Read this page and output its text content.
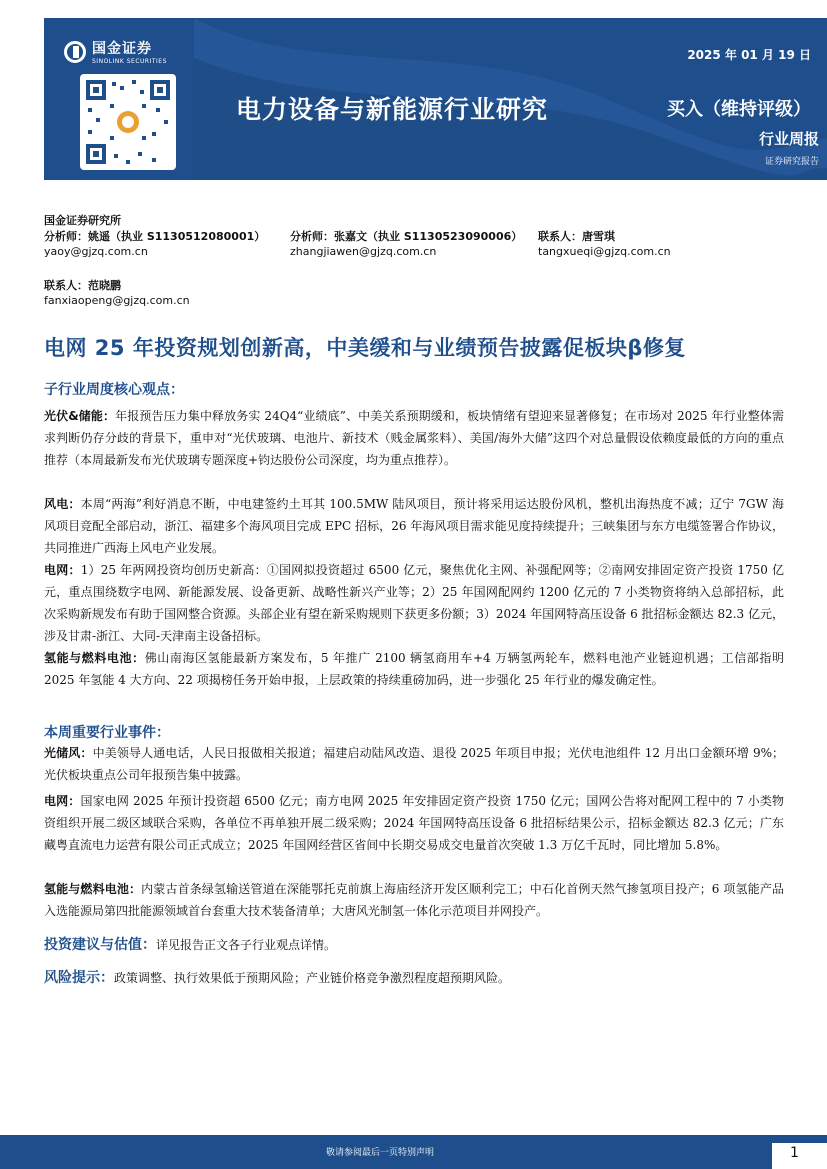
国金证券
SINOLINK SECURITIES
电力设备与新能源行业研究
2025 年 01 月 19 日
买入（维持评级）
行业周报
证券研究报告
国金证券研究所
分析师：姚遥（执业 S1130512080001）
yaoy@gjzq.com.cn
分析师：张嘉文（执业 S1130523090006）
zhangjiawen@gjzq.com.cn
联系人：唐雪琪
tangxueqi@gjzq.com.cn
联系人：范晓鹏
fanxiaopeng@gjzq.com.cn
电网 25 年投资规划创新高，中美缓和与业绩预告披露促板块β修复
子行业周度核心观点：
光伏&储能：年报预告压力集中释放务实 24Q4“业绩底”、中美关系预期缓和，板块情绪有望迎来显著修复；在市场对 2025 年行业整体需求判断仍存分歧的背景下，重申对“光伏玻璃、电池片、新技术（贱金属浆料）、美国/海外大储”这四个对总量假设依赖度最低的方向的重点推荐（本周最新发布光伏玻璃专题深度+钧达股份公司深度，均为重点推荐）。
风电：本周“两海”利好消息不断，中电建签约土耳其 100.5MW 陆风项目，预计将采用运达股份风机，整机出海热度不减；辽宁 7GW 海风项目竞配全部启动，浙江、福建多个海风项目完成 EPC 招标，26 年海风项目需求能见度持续提升；三峡集团与东方电缆签署合作协议，共同推进广西海上风电产业发展。
电网：1）25 年两网投资均创历史新高：①国网拟投资超过 6500 亿元，聚焦优化主网、补强配网等；②南网安排固定资产投资 1750 亿元，重点围绕数字电网、新能源发展、设备更新、战略性新兴产业等；2）25 年国网配网约 1200 亿元的 7 小类物资将纳入总部招标，此次采购新规发布有助于国网整合资源。头部企业有望在新采购规则下获更多份额；3）2024 年国网特高压设备 6 批招标金额达 82.3 亿元，涉及甘肃-浙江、大同-天津南主设备招标。
氢能与燃料电池：佛山南海区氢能最新方案发布，5 年推广 2100 辆氢商用车+4 万辆氢两轮车，燃料电池产业链迎机遇；工信部指明 2025 年氢能 4 大方向、22 项揭榜任务开始申报，上层政策的持续重磅加码，进一步强化 25 年行业的爆发确定性。
本周重要行业事件：
光储风：中美领导人通电话，人民日报做相关报道；福建启动陆风改造、退役 2025 年项目申报；光伏电池组件 12 月出口金额环增 9%；光伏板块重点公司年报预告集中披露。
电网：国家电网 2025 年预计投资超 6500 亿元；南方电网 2025 年安排固定资产投资 1750 亿元；国网公告将对配网工程中的 7 小类物资组织开展二级区域联合采购，各单位不再单独开展二级采购；2024 年国网特高压设备 6 批招标结果公示，招标金额达 82.3 亿元；广东藏粤直流电力运营有限公司正式成立；2025 年国网经营区省间中长期交易成交电量首次突破 1.3 万亿千瓦时，同比增加 5.8%。
氢能与燃料电池：内蒙古首条绿氢输送管道在深能鄂托克前旗上海庙经济开发区顺利完工；中石化首例天然气掺氢项目投产；6 项氢能产品入选能源局第四批能源领域首台套重大技术装备清单；大唐风光制氢一体化示范项目并网投产。
投资建议与估值：详见报告正文各子行业观点详情。
风险提示：政策调整、执行效果低于预期风险；产业链价格竞争激烈程度超预期风险。
敬请参阅最后一页特别声明	1
